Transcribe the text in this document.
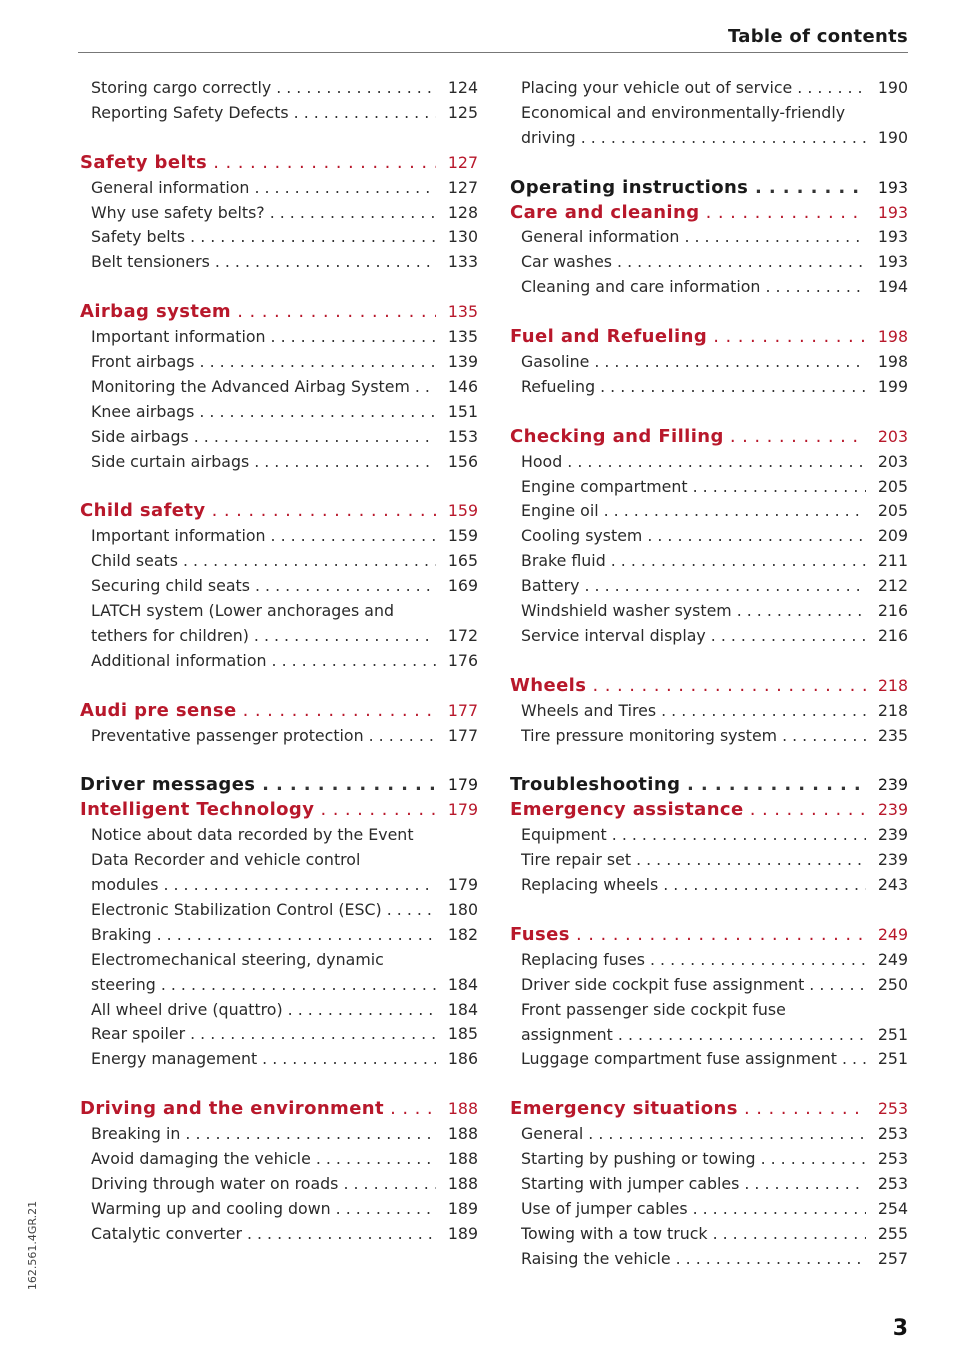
Table of contents
Storing cargo correctly . . .	124
Reporting Safety Defects . . .	125
Safety belts . . .	127
General information . . .	127
Why use safety belts? . . .	128
Safety belts . . .	130
Belt tensioners . . .	133
Airbag system . . .	135
Important information . . .	135
Front airbags . . .	139
Monitoring the Advanced Airbag System . . .	146
Knee airbags . . .	151
Side airbags . . .	153
Side curtain airbags . . .	156
Child safety . . .	159
Important information . . .	159
Child seats . . .	165
Securing child seats . . .	169
LATCH system (Lower anchorages and
tethers for children) . . .	172
Additional information . . .	176
Audi pre sense . . .	177
Preventative passenger protection . . .	177
Driver messages . . .	179
Intelligent Technology . . .	179
Notice about data recorded by the Event
Data Recorder and vehicle control
modules . . .	179
Electronic Stabilization Control (ESC) . . .	180
Braking . . .	182
Electromechanical steering, dynamic
steering . . .	184
All wheel drive (quattro) . . .	184
Rear spoiler . . .	185
Energy management . . .	186
Driving and the environment . . .	188
Breaking in . . .	188
Avoid damaging the vehicle . . .	188
Driving through water on roads . . .	188
Warming up and cooling down . . .	189
Catalytic converter . . .	189
Placing your vehicle out of service . . .	190
Economical and environmentally-friendly
driving . . .	190
Operating instructions . . .	193
Care and cleaning . . .	193
General information . . .	193
Car washes . . .	193
Cleaning and care information . . .	194
Fuel and Refueling . . .	198
Gasoline . . .	198
Refueling . . .	199
Checking and Filling . . .	203
Hood . . .	203
Engine compartment . . .	205
Engine oil . . .	205
Cooling system . . .	209
Brake fluid . . .	211
Battery . . .	212
Windshield washer system . . .	216
Service interval display . . .	216
Wheels . . .	218
Wheels and Tires . . .	218
Tire pressure monitoring system . . .	235
Troubleshooting . . .	239
Emergency assistance . . .	239
Equipment . . .	239
Tire repair set . . .	239
Replacing wheels . . .	243
Fuses . . .	249
Replacing fuses . . .	249
Driver side cockpit fuse assignment . . .	250
Front passenger side cockpit fuse
assignment . . .	251
Luggage compartment fuse assignment . . .	251
Emergency situations . . .	253
General . . .	253
Starting by pushing or towing . . .	253
Starting with jumper cables . . .	253
Use of jumper cables . . .	254
Towing with a tow truck . . .	255
Raising the vehicle . . .	257
162.561.4GR.21
3
